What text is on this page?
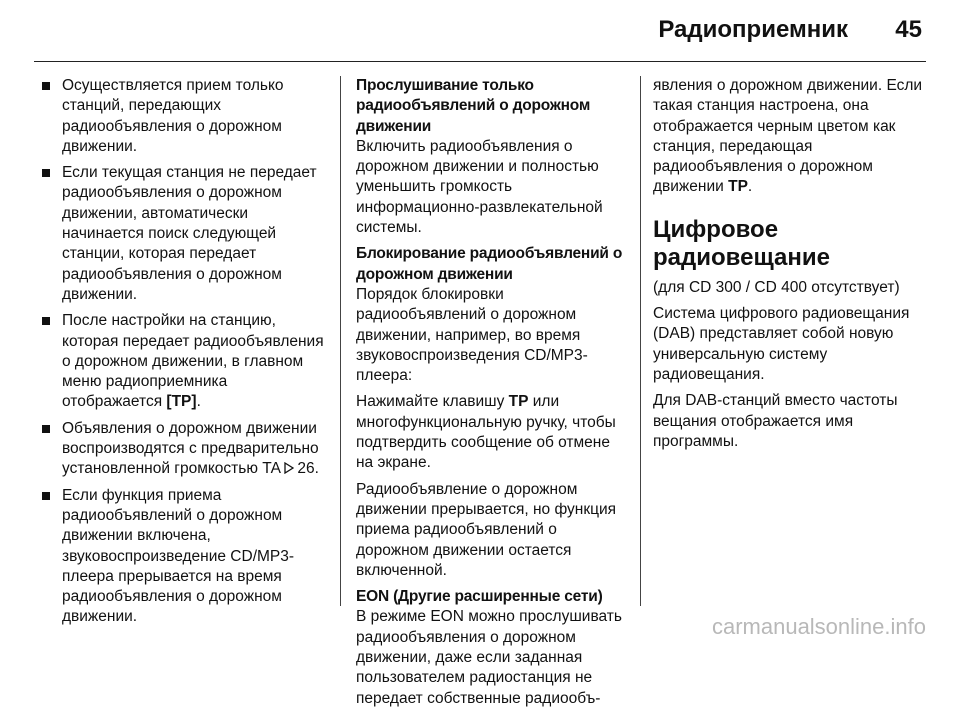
Радиоприемник 45
Осуществляется прием только станций, передающих радиообъявления о дорожном движении.
Если текущая станция не передает радиообъявления о дорожном движении, автоматически начинается поиск следующей станции, которая передает радиообъявления о дорожном движении.
После настройки на станцию, которая передает радиообъявления о дорожном движении, в главном меню радиоприемника отображается [TP].
Объявления о дорожном движении воспроизводятся с предварительно установленной громкостью TA 26.
Если функция приема радиообъявлений о дорожном движении включена, звуковоспроизведение CD/MP3-плеера прерывается на время радиообъявления о дорожном движении.
Прослушивание только радиообъявлений о дорожном движении
Включить радиообъявления о дорожном движении и полностью уменьшить громкость информационно-развлекательной системы.
Блокирование радиообъявлений о дорожном движении
Порядок блокировки радиообъявлений о дорожном движении, например, во время звуковоспроизведения CD/MP3-плеера:
Нажимайте клавишу TP или многофункциональную ручку, чтобы подтвердить сообщение об отмене на экране.
Радиообъявление о дорожном движении прерывается, но функция приема радиообъявлений о дорожном движении остается включенной.
EON (Другие расширенные сети)
В режиме EON можно прослушивать радиообъявления о дорожном движении, даже если заданная пользователем радиостанция не передает собственные радиообъ-
явления о дорожном движении. Если такая станция настроена, она отображается черным цветом как станция, передающая радиообъявления о дорожном движении TP.
Цифровое радиовещание
(для CD 300 / CD 400 отсутствует)
Система цифрового радиовещания (DAB) представляет собой новую универсальную систему радиовещания.
Для DAB-станций вместо частоты вещания отображается имя программы.
carmanualsonline.info
